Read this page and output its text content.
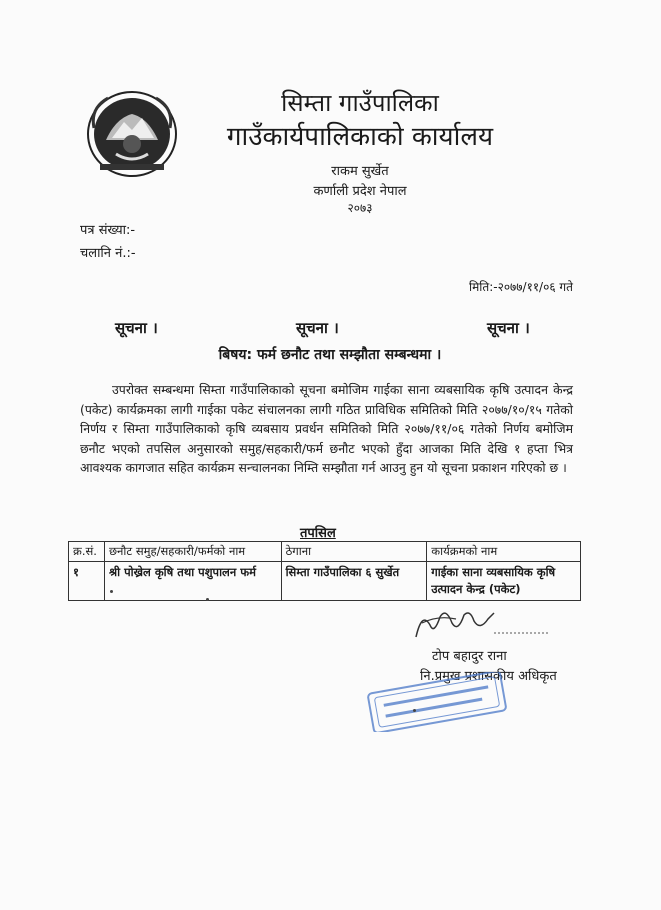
सिम्ता गाउँपालिका
गाउँकार्यपालिकाको कार्यालय
राकम सुर्खेत
कर्णाली प्रदेश नेपाल
२०७३
पत्र संख्या:-
चलानि नं.:-
मिति:-२०७७/११/०६ गते
सूचना ।	सूचना ।	सूचना ।
बिषय: फर्म छनौट तथा सम्झौता सम्बन्धमा ।

उपरोक्त सम्बन्धमा सिम्ता गाउँपालिकाको सूचना बमोजिम गाईका साना व्यबसायिक कृषि उत्पादन केन्द्र (पकेट) कार्यक्रमका लागी गाईका पकेट संचालनका लागी गठित प्राविधिक समितिको मिति २०७७/१०/१५ गतेको निर्णय र सिम्ता गाउँपालिकाको कृषि व्यबसाय प्रवर्धन समितिको मिति २०७७/११/०६ गतेको निर्णय बमोजिम छनौट भएको तपसिल अनुसारको समुह/सहकारी/फर्म छनौट भएको हुँदा आजका मिति देखि १ हप्ता भित्र आवश्यक कागजात सहित कार्यक्रम सन्चालनका निम्ति सम्झौता गर्न आउनु हुन यो सूचना प्रकाशन गरिएको छ ।

तपसिल
क्र.सं.	छनौट समुह/सहकारी/फर्मको नाम	ठेगाना	कार्यक्रमको नाम
१	श्री पोख्रेल कृषि तथा पशुपालन फर्म	सिम्ता गाउँपालिका ६ सुर्खेत	गाईका साना व्यबसायिक कृषि उत्पादन केन्द्र (पकेट)
टोप बहादुर राना
नि.प्रमुख प्रशासकीय अधिकृत
